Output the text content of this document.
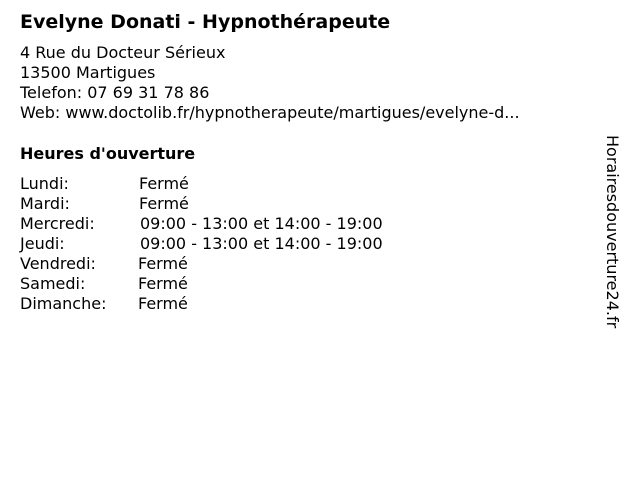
Evelyne Donati - Hypnothérapeute
4 Rue du Docteur Sérieux
13500 Martigues
Telefon: 07 69 31 78 86
Web: www.doctolib.fr/hypnotherapeute/martigues/evelyne-d...
Heures d'ouverture
Lundi:	Fermé
Mardi:	Fermé
Mercredi:	09:00 - 13:00 et 14:00 - 19:00
Jeudi:	09:00 - 13:00 et 14:00 - 19:00
Vendredi:	Fermé
Samedi:	Fermé
Dimanche: Fermé	Horairesdouverture24.fr
